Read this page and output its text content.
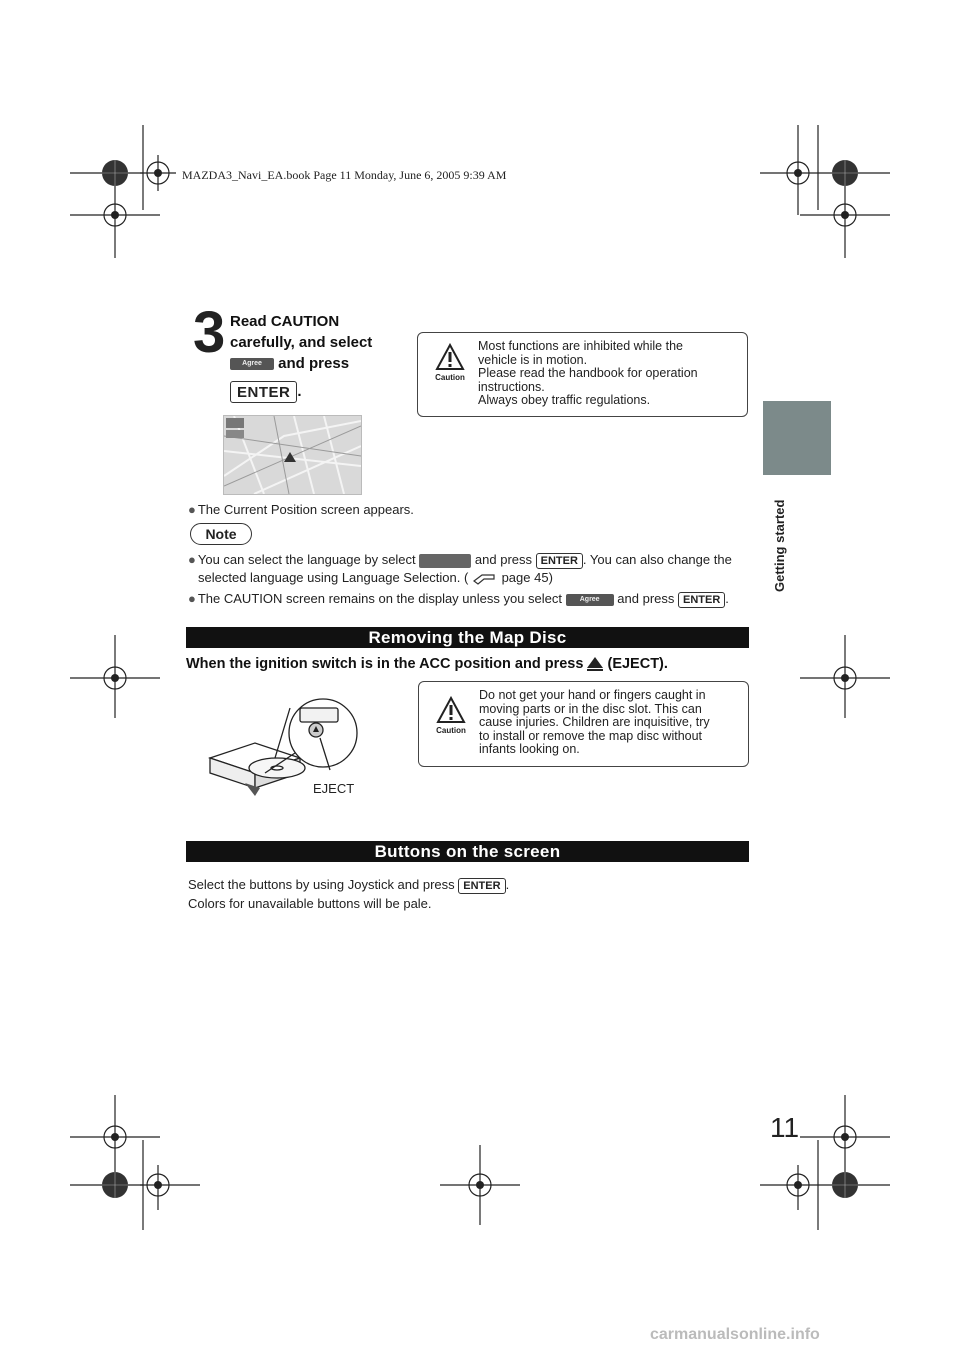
MAZDA3_Navi_EA.book Page 11 Monday, June 6, 2005 9:39 AM
Getting started
3 Read CAUTION
carefully, and select
Agree and press
ENTER .
Caution
Most functions are inhibited while the
vehicle is in motion.
Please read the handbook for operation
instructions.
Always obey traffic regulations.
● The Current Position screen appears.
Note
● You can select the language by select	and press ENTER . You can also change the
selected language using Language Selection. (	page 45)
● The CAUTION screen remains on the display unless you select	Agree and press ENTER .
Removing the Map Disc
When the ignition switch is in the ACC position and press (EJECT).
EJECT
Caution
Do not get your hand or fingers caught in
moving parts or in the disc slot. This can
cause injuries. Children are inquisitive, try
to install or remove the map disc without
infants looking on.
Buttons on the screen
Select the buttons by using Joystick and press ENTER .
Colors for unavailable buttons will be pale.
11
carmanualsonline.info
